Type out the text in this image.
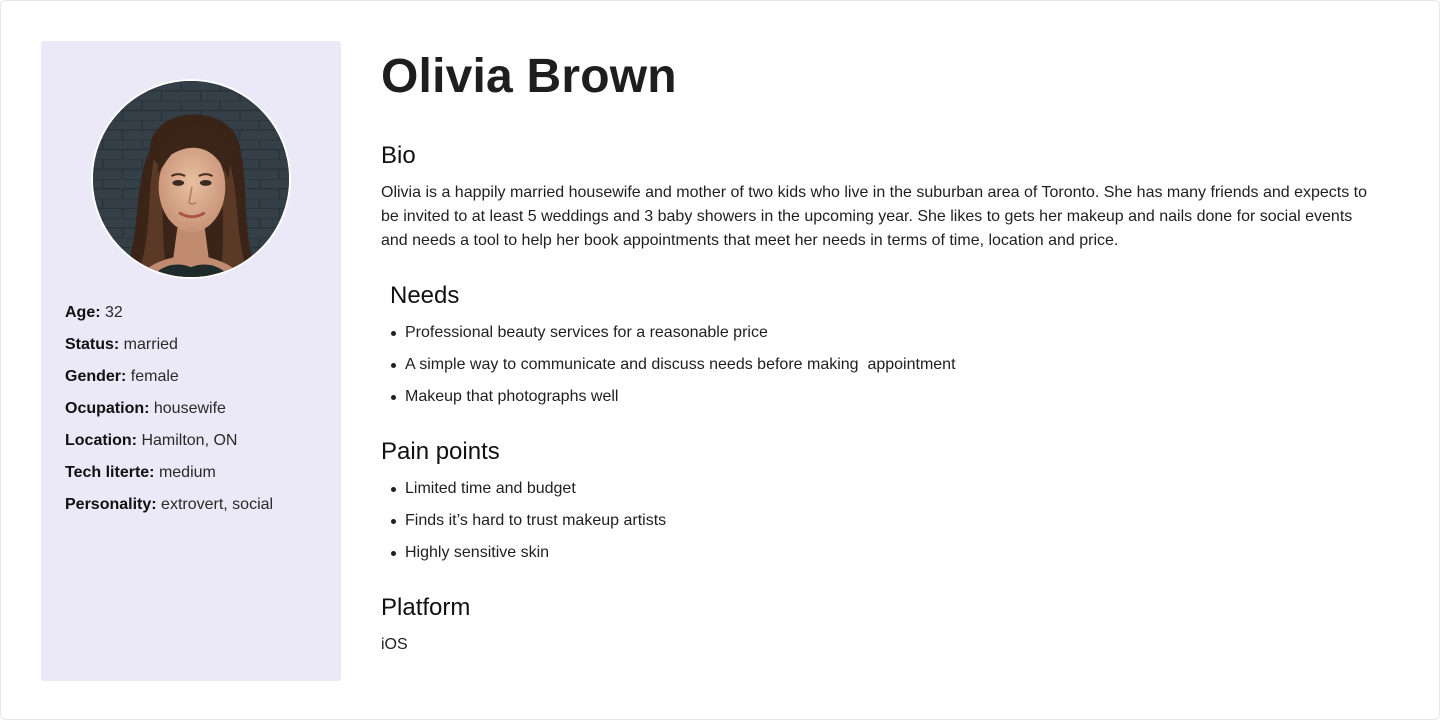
Age: 32
Status: married
Gender: female
Ocupation: housewife
Location: Hamilton, ON
Tech literte: medium
Personality: extrovert, social
Olivia Brown
Bio

Olivia is a happily married housewife and mother of two kids who live in the suburban area of Toronto. She has many friends and expects to be invited to at least 5 weddings and 3 baby showers in the upcoming year. She likes to gets her makeup and nails done for social events and needs a tool to help her book appointments that meet her needs in terms of time, location and price.

Needs
Professional beauty services for a reasonable price
A simple way to communicate and discuss needs before making  appointment
Makeup that photographs well
Pain points
Limited time and budget
Finds it’s hard to trust makeup artists
Highly sensitive skin
Platform

iOS
